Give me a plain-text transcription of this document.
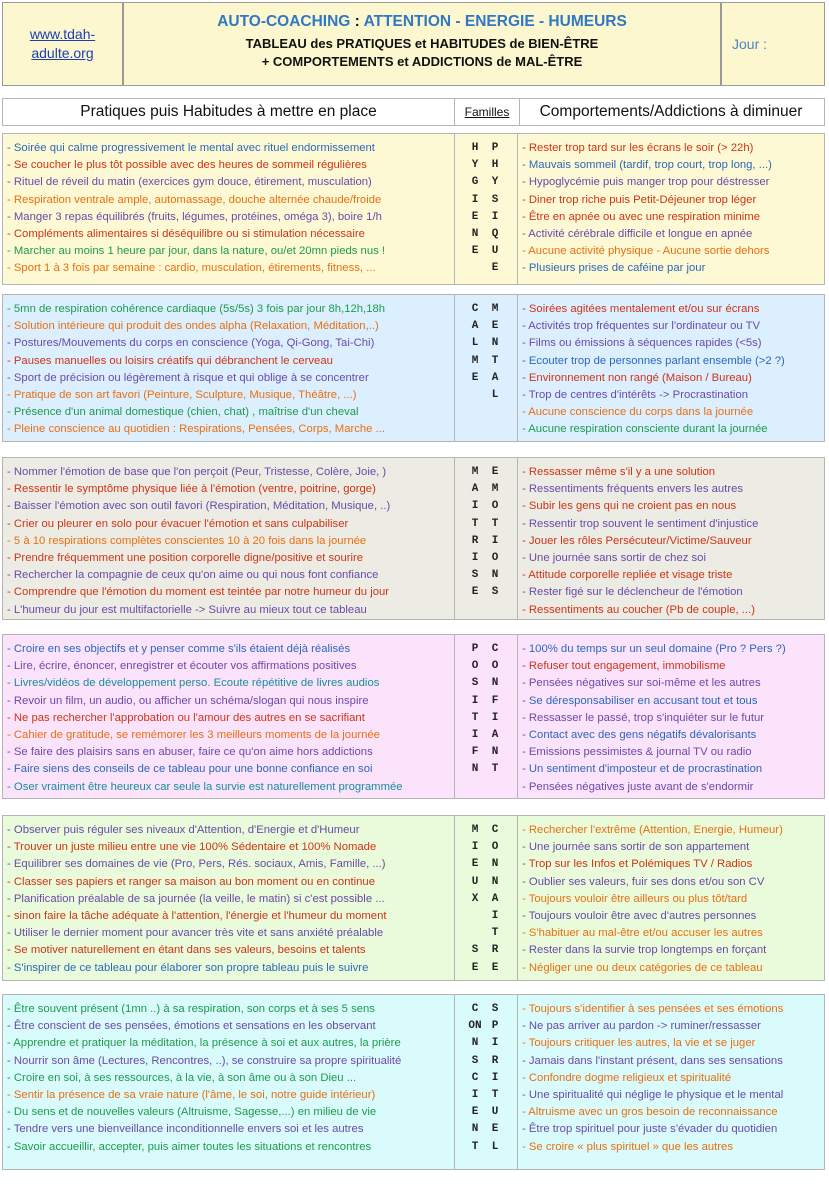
www.tdah-
adulte.org
AUTO-COACHING : ATTENTION - ENERGIE - HUMEURS
TABLEAU des PRATIQUES et HABITUDES de BIEN-ÊTRE
+ COMPORTEMENTS et ADDICTIONS de MAL-ÊTRE
Jour :
Pratiques puis Habitudes à mettre en place	Familles	Comportements/Addictions à diminuer
- Soirée qui calme progressivement le mental avec rituel endormissement
- Se coucher le plus tôt possible avec des heures de sommeil régulières
- Rituel de réveil du matin (exercices gym douce, étirement, musculation)
- Respiration ventrale ample, automassage, douche alternée chaude/froide
- Manger 3 repas équilibrés (fruits, légumes, protéines, oméga 3), boire 1/h
- Compléments alimentaires si déséquilibre ou si stimulation nécessaire
- Marcher au moins 1 heure par jour, dans la nature, ou/et 20mn pieds nus !
- Sport 1 à 3 fois par semaine : cardio, musculation, étirements, fitness, ...
H
Y
G
I
E
N
E
P
H
Y
S
I
Q
U
E
- Rester trop tard sur les écrans le soir (> 22h)
- Mauvais sommeil (tardif, trop court, trop long, ...)
- Hypoglycémie puis manger trop pour déstresser
- Diner trop riche puis Petit-Déjeuner trop léger
- Être en apnée ou avec une respiration minime
- Activité cérébrale difficile et longue en apnée
- Aucune activité physique - Aucune sortie dehors
- Plusieurs prises de caféine par jour
- 5mn de respiration cohérence cardiaque (5s/5s) 3 fois par jour 8h,12h,18h
- Solution intérieure qui produit des ondes alpha (Relaxation, Méditation,..)
- Postures/Mouvements du corps en conscience (Yoga, Qi-Gong, Tai-Chi)
- Pauses manuelles ou loisirs créatifs qui débranchent le cerveau
- Sport de précision ou légèrement à risque et qui oblige à se concentrer
- Pratique de son art favori (Peinture, Sculpture, Musique, Théâtre, ...)
- Présence d'un animal domestique (chien, chat) , maîtrise d'un cheval
- Pleine conscience au quotidien : Respirations, Pensées, Corps, Marche ...
C
A
L
M
E
M
E
N
T
A
L
- Soirées agitées mentalement et/ou sur écrans
- Activités trop fréquentes sur l'ordinateur ou TV
- Films ou émissions à séquences rapides (<5s)
- Ecouter trop de personnes parlant ensemble (>2 ?)
- Environnement non rangé (Maison / Bureau)
- Trop de centres d'intérêts -> Procrastination
- Aucune conscience du corps dans la journée
- Aucune respiration consciente durant la journée
- Nommer l'émotion de base que l'on perçoit (Peur, Tristesse, Colère, Joie, )
- Ressentir le symptôme physique liée à l'émotion (ventre, poitrine, gorge)
- Baisser l'émotion avec son outil favori (Respiration, Méditation, Musique, ..)
- Crier ou pleurer en solo pour évacuer l'émotion et sans culpabiliser
- 5 à 10 respirations complètes conscientes 10 à 20 fois dans la journée
- Prendre fréquemment une position corporelle digne/positive et sourire
- Rechercher la compagnie de ceux qu'on aime ou qui nous font confiance
- Comprendre que l'émotion du moment est teintée par notre humeur du jour
- L'humeur du jour est multifactorielle -> Suivre au mieux tout ce tableau
M
A
I
T
R
I
S
E
E
M
O
T
I
O
N
S
- Ressasser même s'il y a une solution
- Ressentiments fréquents envers les autres
- Subir les gens qui ne croient pas en nous
- Ressentir trop souvent le sentiment d'injustice
- Jouer les rôles Persécuteur/Victime/Sauveur
- Une journée sans sortir de chez soi
- Attitude corporelle repliée et visage triste
- Rester figé sur le déclencheur de l'émotion
- Ressentiments au coucher (Pb de couple, ...)
- Croire en ses objectifs et y penser comme s'ils étaient déjà réalisés
- Lire, écrire, énoncer, enregistrer et écouter vos affirmations positives
- Livres/vidéos de développement perso. Ecoute répétitive de livres audios
- Revoir un film, un audio, ou afficher un schéma/slogan qui nous inspire
- Ne pas rechercher l'approbation ou l'amour des autres en se sacrifiant
- Cahier de gratitude, se remémorer les 3 meilleurs moments de la journée
- Se faire des plaisirs sans en abuser, faire ce qu'on aime hors addictions
- Faire siens des conseils de ce tableau pour une bonne confiance en soi
- Oser vraiment être heureux car seule la survie est naturellement programmée
P
O
S
I
T
I
F
C
O
N
F
I
A
N
T
N
- 100% du temps sur un seul domaine (Pro ? Pers ?)
- Refuser tout engagement, immobilisme
- Pensées négatives sur soi-même et les autres
- Se déresponsabiliser en accusant tout et tous
- Ressasser le passé, trop s'inquiéter sur le futur
- Contact avec des gens négatifs dévalorisants
- Emissions pessimistes & journal TV ou radio
- Un sentiment d'imposteur et de procrastination
- Pensées négatives juste avant de s'endormir
- Observer puis réguler ses niveaux d'Attention, d'Energie et d'Humeur
- Trouver un juste milieu entre une vie 100% Sédentaire et 100% Nomade
- Equilibrer ses domaines de vie (Pro, Pers, Rés. sociaux, Amis, Famille, ...)
- Classer ses papiers et ranger sa maison au bon moment ou en continue
- Planification préalable de sa journée (la veille, le matin) si c'est possible ...
- sinon faire la tâche adéquate à l'attention, l'énergie et l'humeur du moment
- Utiliser le dernier moment pour avancer très vite et sans anxiété préalable
- Se motiver naturellement en étant dans ses valeurs, besoins et talents
- S'inspirer de ce tableau pour élaborer son propre tableau puis le suivre
M
I
E
U
X
S
E
C
O
N
N
A
I
T
R
E
- Rechercher l'extrême (Attention, Energie, Humeur)
- Une journée sans sortir de son appartement
- Trop sur les Infos et Polémiques TV / Radios
- Oublier ses valeurs, fuir ses dons et/ou son CV
- Toujours vouloir être ailleurs ou plus tôt/tard
- Toujours vouloir être avec d'autres personnes
- S'habituer au mal-être et/ou accuser les autres
- Rester dans la survie trop longtemps en forçant
- Négliger une ou deux catégories de ce tableau
- Être souvent présent (1mn ..) à sa respiration, son corps et à ses 5 sens
- Être conscient de ses pensées, émotions et sensations en les observant
- Apprendre et pratiquer la méditation, la présence à soi et aux autres, la prière
- Nourrir son âme (Lectures, Rencontres, ..), se construire sa propre spiritualité
- Croire en soi, à ses ressources, à la vie, à son âme ou à son Dieu ...
- Sentir la présence de sa vraie nature (l'âme, le soi, notre guide intérieur)
- Du sens et de nouvelles valeurs (Altruisme, Sagesse,...) en milieu de vie
- Tendre vers une bienveillance inconditionnelle envers soi et les autres
- Savoir accueillir, accepter, puis aimer toutes les situations et rencontres
C
ON
N
S
C
I
E
N
T
S
P
I
R
I
T
U
E
L
- Toujours s'identifier à ses pensées et ses émotions
- Ne pas arriver au pardon -> ruminer/ressasser
- Toujours critiquer les autres, la vie et se juger
- Jamais dans l'instant présent, dans ses sensations
- Confondre dogme religieux et spiritualité
- Une spiritualité qui néglige le physique et le mental
- Altruisme avec un gros besoin de reconnaissance
- Être trop spirituel pour juste s'évader du quotidien
- Se croire « plus spirituel » que les autres
